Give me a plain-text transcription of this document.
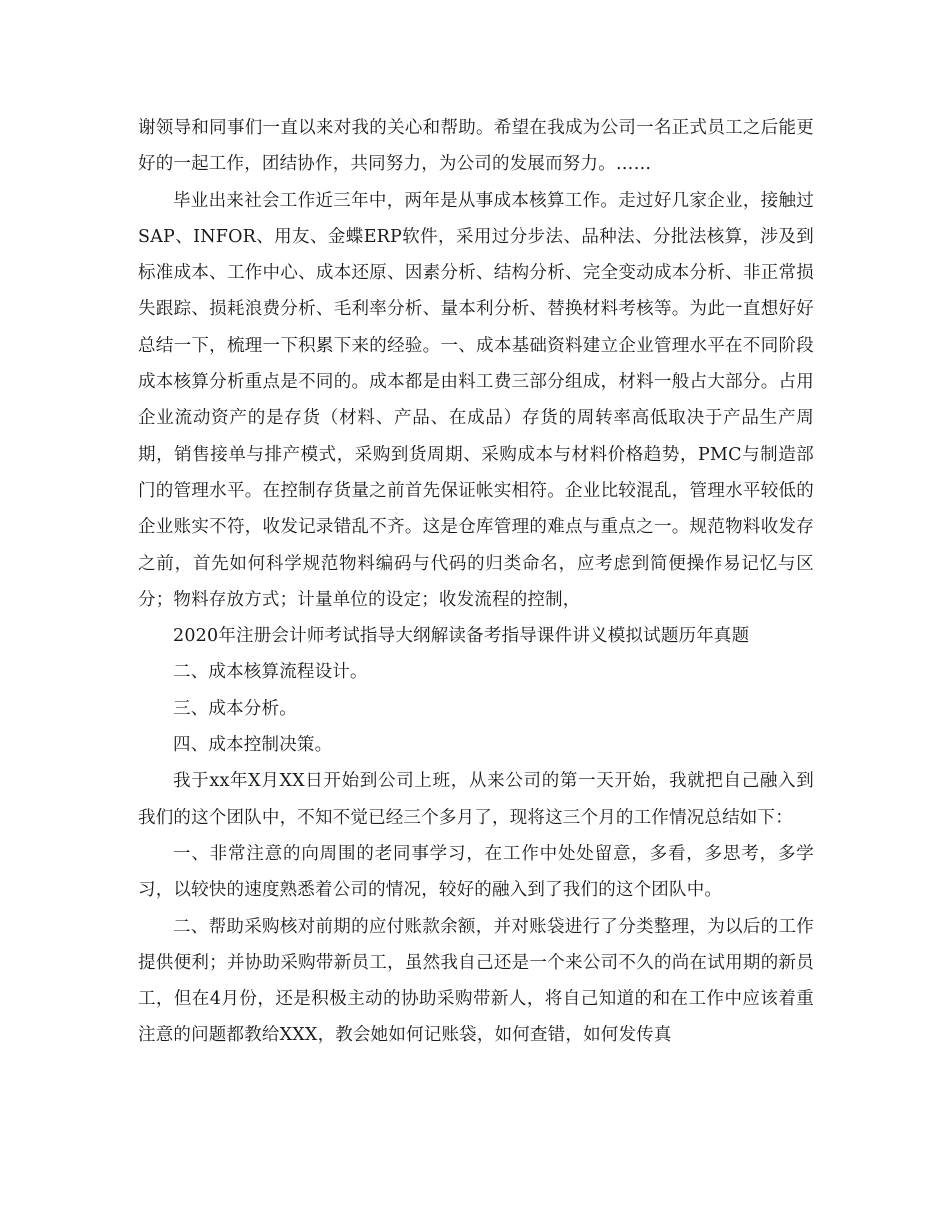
谢领导和同事们一直以来对我的关心和帮助。希望在我成为公司一名正式员工之后能更好的一起工作，团结协作，共同努力，为公司的发展而努力。……

毕业出来社会工作近三年中，两年是从事成本核算工作。走过好几家企业，接触过SAP、INFOR、用友、金蝶ERP软件，采用过分步法、品种法、分批法核算，涉及到标准成本、工作中心、成本还原、因素分析、结构分析、完全变动成本分析、非正常损失跟踪、损耗浪费分析、毛利率分析、量本利分析、替换材料考核等。为此一直想好好总结一下，梳理一下积累下来的经验。一、成本基础资料建立企业管理水平在不同阶段成本核算分析重点是不同的。成本都是由料工费三部分组成，材料一般占大部分。占用企业流动资产的是存货（材料、产品、在成品）存货的周转率高低取决于产品生产周期，销售接单与排产模式，采购到货周期、采购成本与材料价格趋势，PMC与制造部门的管理水平。在控制存货量之前首先保证帐实相符。企业比较混乱，管理水平较低的企业账实不符，收发记录错乱不齐。这是仓库管理的难点与重点之一。规范物料收发存之前，首先如何科学规范物料编码与代码的归类命名，应考虑到简便操作易记忆与区分；物料存放方式；计量单位的设定；收发流程的控制，

2020年注册会计师考试指导大纲解读备考指导课件讲义模拟试题历年真题

二、成本核算流程设计。

三、成本分析。

四、成本控制决策。

我于xx年X月XX日开始到公司上班，从来公司的第一天开始，我就把自己融入到我们的这个团队中，不知不觉已经三个多月了，现将这三个月的工作情况总结如下：

一、非常注意的向周围的老同事学习，在工作中处处留意，多看，多思考，多学习，以较快的速度熟悉着公司的情况，较好的融入到了我们的这个团队中。

二、帮助采购核对前期的应付账款余额，并对账袋进行了分类整理，为以后的工作提供便利；并协助采购带新员工，虽然我自己还是一个来公司不久的尚在试用期的新员工，但在4月份，还是积极主动的协助采购带新人，将自己知道的和在工作中应该着重注意的问题都教给XXX，教会她如何记账袋，如何查错，如何发传真
